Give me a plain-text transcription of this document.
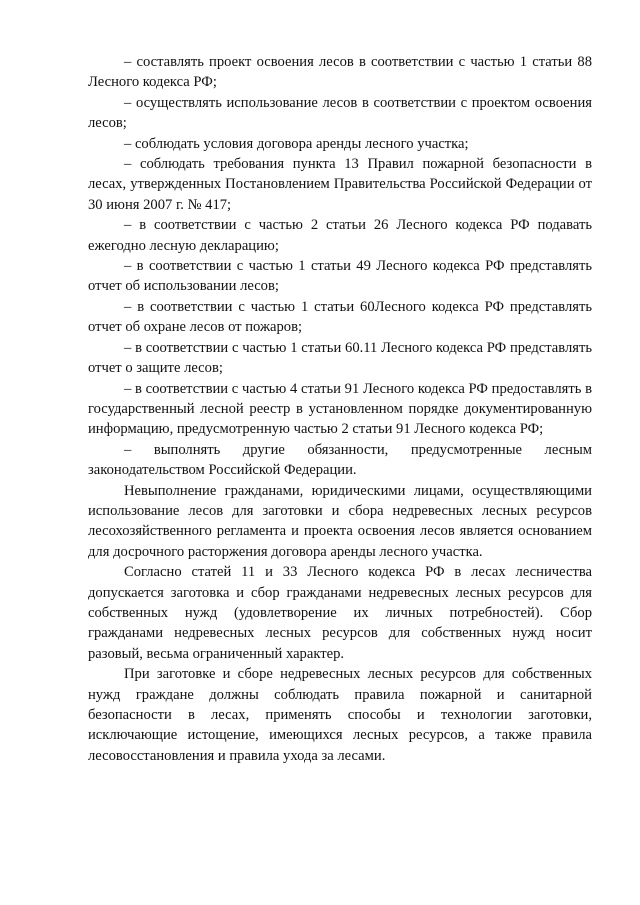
– составлять проект освоения лесов в соответствии с частью 1 статьи 88 Лесного кодекса РФ;

– осуществлять использование лесов в соответствии с проектом освоения лесов;

– соблюдать условия договора аренды лесного участка;

– соблюдать требования пункта 13 Правил пожарной безопасности в лесах, утвержденных Постановлением Правительства Российской Федерации от 30 июня 2007 г. № 417;

– в соответствии с частью 2 статьи 26 Лесного кодекса РФ подавать ежегодно лесную декларацию;

– в соответствии с частью 1 статьи 49 Лесного кодекса РФ представлять отчет об использовании лесов;

– в соответствии с частью 1 статьи 60Лесного кодекса РФ представлять отчет об охране лесов от пожаров;

– в соответствии с частью 1 статьи 60.11 Лесного кодекса РФ представлять отчет о защите лесов;

– в соответствии с частью 4 статьи 91 Лесного кодекса РФ предоставлять в государственный лесной реестр в установленном порядке документированную информацию, предусмотренную частью 2 статьи 91 Лесного кодекса РФ;

– выполнять другие обязанности, предусмотренные лесным законодательством Российской Федерации.

Невыполнение гражданами, юридическими лицами, осуществляющими использование лесов для заготовки и сбора недревесных лесных ресурсов лесохозяйственного регламента и проекта освоения лесов является основанием для досрочного расторжения договора аренды лесного участка.

Согласно статей 11 и 33 Лесного кодекса РФ в лесах лесничества допускается заготовка и сбор гражданами недревесных лесных ресурсов для собственных нужд (удовлетворение их личных потребностей). Сбор гражданами недревесных лесных ресурсов для собственных нужд носит разовый, весьма ограниченный характер.

При заготовке и сборе недревесных лесных ресурсов для собственных нужд граждане должны соблюдать правила пожарной и санитарной безопасности в лесах, применять способы и технологии заготовки, исключающие истощение, имеющихся лесных ресурсов, а также правила лесовосстановления и правила ухода за лесами.
